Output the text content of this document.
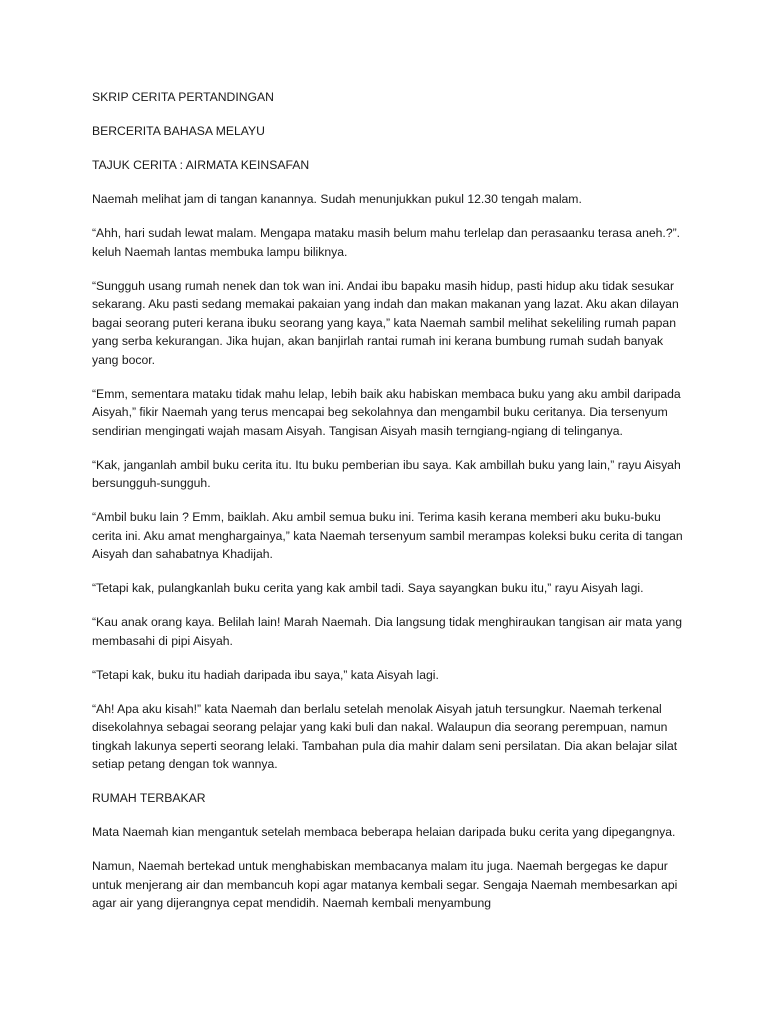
SKRIP CERITA PERTANDINGAN

BERCERITA BAHASA MELAYU

TAJUK CERITA : AIRMATA KEINSAFAN

Naemah melihat jam di tangan kanannya. Sudah menunjukkan pukul 12.30 tengah malam.

“Ahh, hari sudah lewat malam. Mengapa mataku masih belum mahu terlelap dan perasaanku terasa aneh.?”. keluh Naemah lantas membuka lampu biliknya.

“Sungguh usang rumah nenek dan tok wan ini. Andai ibu bapaku masih hidup, pasti hidup aku tidak sesukar sekarang. Aku pasti sedang memakai pakaian yang indah dan makan makanan yang lazat. Aku akan dilayan bagai seorang puteri kerana ibuku seorang yang kaya,” kata Naemah sambil melihat sekeliling rumah papan yang serba kekurangan. Jika hujan, akan banjirlah rantai rumah ini kerana bumbung rumah sudah banyak yang bocor.

“Emm, sementara mataku tidak mahu lelap, lebih baik aku habiskan membaca buku yang aku ambil daripada Aisyah,” fikir Naemah yang terus mencapai beg sekolahnya dan mengambil buku ceritanya. Dia tersenyum sendirian mengingati wajah masam Aisyah. Tangisan Aisyah masih terngiang-ngiang di telinganya.

“Kak, janganlah ambil buku cerita itu. Itu buku pemberian ibu saya. Kak ambillah buku yang lain,” rayu Aisyah bersungguh-sungguh.

“Ambil buku lain ? Emm, baiklah. Aku ambil semua buku ini. Terima kasih kerana memberi aku buku-buku cerita ini. Aku amat menghargainya,” kata Naemah tersenyum sambil merampas koleksi buku cerita di tangan Aisyah dan sahabatnya Khadijah.

“Tetapi kak, pulangkanlah buku cerita yang kak ambil tadi. Saya sayangkan buku itu,” rayu Aisyah lagi.

“Kau anak orang kaya. Belilah lain! Marah Naemah. Dia langsung tidak menghiraukan tangisan air mata yang membasahi di pipi Aisyah.

“Tetapi kak, buku itu hadiah daripada ibu saya,” kata Aisyah lagi.

“Ah! Apa aku kisah!” kata Naemah dan berlalu setelah menolak Aisyah jatuh tersungkur. Naemah terkenal disekolahnya sebagai seorang pelajar yang kaki buli dan nakal. Walaupun dia seorang perempuan, namun tingkah lakunya seperti seorang lelaki. Tambahan pula dia mahir dalam seni persilatan. Dia akan belajar silat setiap petang dengan tok wannya.

RUMAH TERBAKAR

Mata Naemah kian mengantuk setelah membaca beberapa helaian daripada buku cerita yang dipegangnya.

Namun, Naemah bertekad untuk menghabiskan membacanya malam itu juga. Naemah bergegas ke dapur untuk menjerang air dan membancuh kopi agar matanya kembali segar. Sengaja Naemah membesarkan api agar air yang dijerangnya cepat mendidih. Naemah kembali menyambung
